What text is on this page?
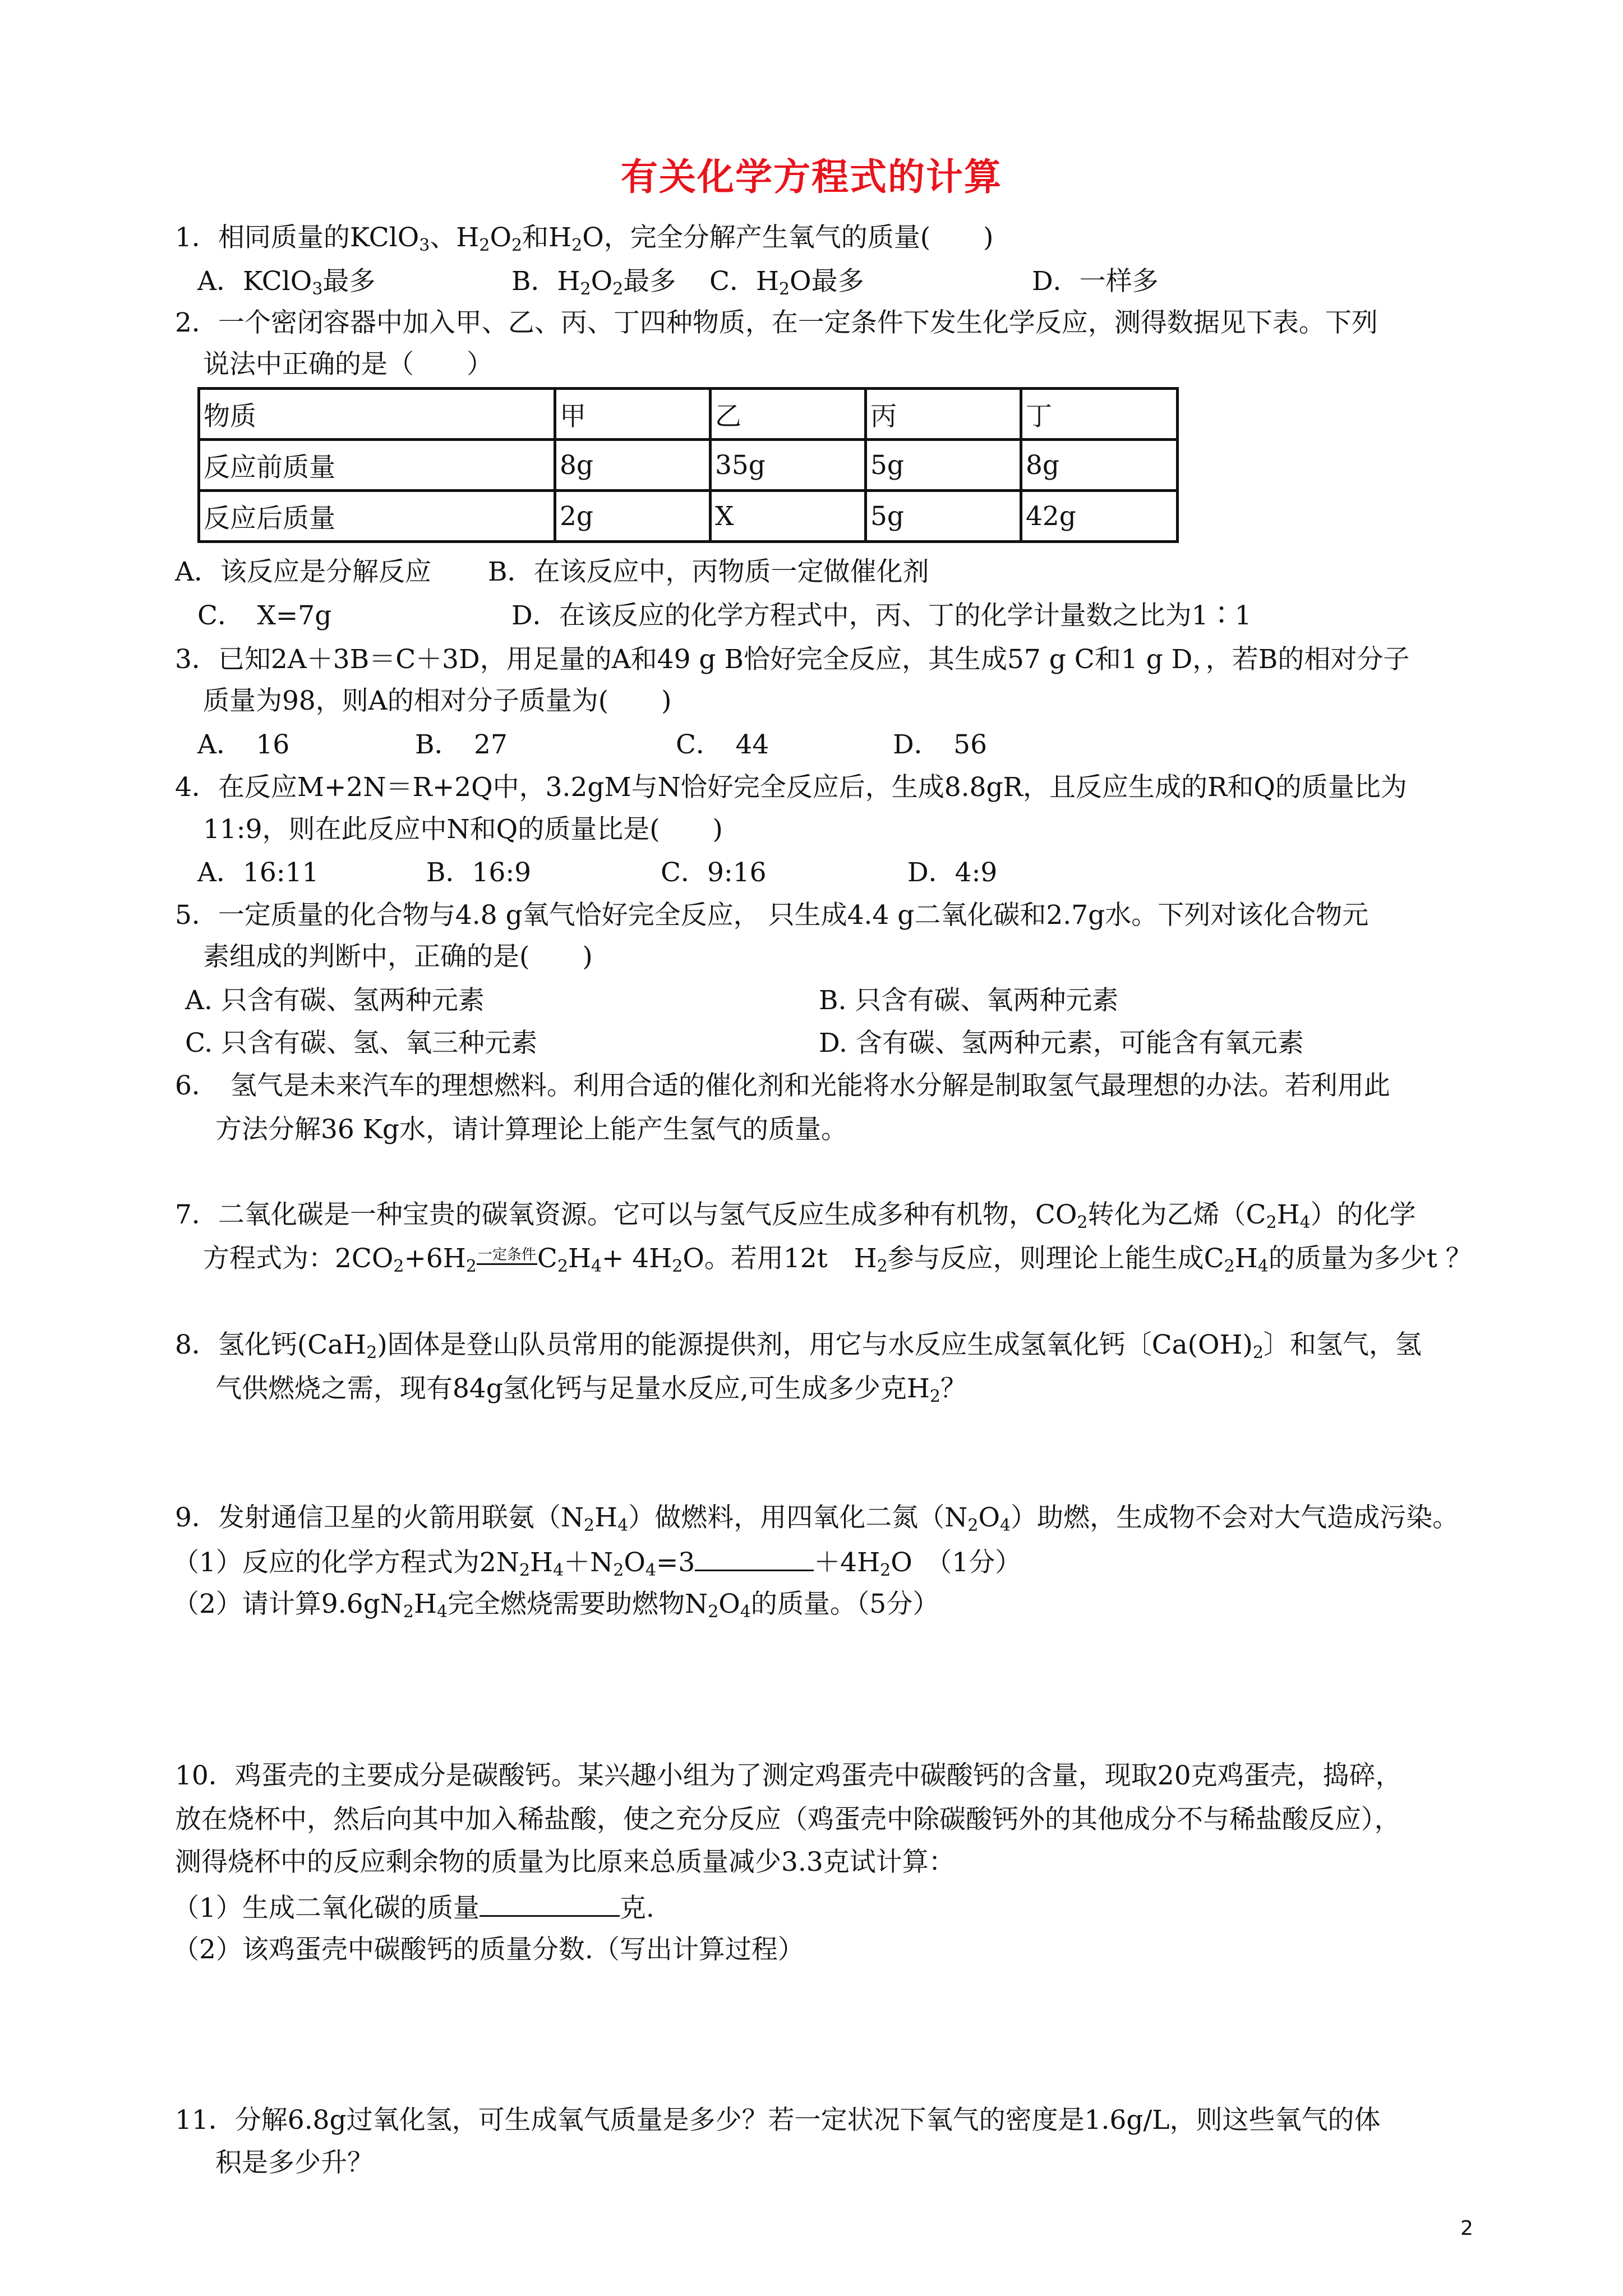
有关化学方程式的计算
1．相同质量的KClO$_3$、$H_2O_2$和$H_2O$，完全分解产生氧气的质量(　　)
A．KClO$_3$最多	B．$H_2O_2$最多 C．$H_2O$最多	D．一样多
2．一个密闭容器中加入甲、乙、丙、丁四种物质，在一定条件下发生化学反应，测得数据见下表。下列
说法中正确的是（　　）
物质	甲	乙	丙	丁
反应前质量	8g	35g	5g	8g
反应后质量	2g	X	5g	42g
A．该反应是分解反应 B．在该反应中，丙物质一定做催化剂
C．　X=7g	D．在该反应的化学方程式中，丙、丁的化学计量数之比为1∶1
3．已知2A＋3B＝C＋3D，用足量的A和49 g B恰好完全反应，其生成57 g C和1 g D，，若B的相对分子
质量为98，则A的相对分子质量为(　　)
A．　16	B．　27	C．　44	D．　56
4．在反应M+2N＝R+2Q中，3.2gM与N恰好完全反应后，生成8.8gR，且反应生成的R和Q的质量比为
11:9，则在此反应中N和Q的质量比是(　　)
A．16:11	B．16:9	C．9:16	D．4:9
5．一定质量的化合物与4.8 g氧气恰好完全反应， 只生成4.4 g二氧化碳和2.7g水。下列对该化合物元
素组成的判断中，正确的是(　　)
A. 只含有碳、氢两种元素	B. 只含有碳、氧两种元素
C. 只含有碳、氢、氧三种元素	D. 含有碳、氢两种元素，可能含有氧元素
6． 氢气是未来汽车的理想燃料。利用合适的催化剂和光能将水分解是制取氢气最理想的办法。若利用此
方法分解36 Kg水，请计算理论上能产生氢气的质量。
7．二氧化碳是一种宝贵的碳氧资源。它可以与氢气反应生成多种有机物，$CO_2$转化为乙烯$(C_2H_4)$的化学
方程式为：$2CO_2+6H_2$一定条件$C_2H_4+ 4H_2O$。若用12t　$H_2$参与反应，则理论上能生成$C_2H_4$的质量为多少t ？
8．氢化钙(CaH$_2$)固体是登山队员常用的能源提供剂，用它与水反应生成氢氧化钙〔$Ca(OH)_2$〕和氢气，氢
气供燃烧之需，现有84g氢化钙与足量水反应,可生成多少克$H_2$？
9．发射通信卫星的火箭用联氨$(N_2H_4)$做燃料，用四氧化二氮$(N_2O_4)$助燃，生成物不会对大气造成污染。
（1）反应的化学方程式为$2N_2H_4+N_2O_4=3$	$+4H_2O$　（1分）
（2）请计算$9.6gN_2H_4$完全燃烧需要助燃物$N_2O_4$的质量。（5分）
10．鸡蛋壳的主要成分是碳酸钙。某兴趣小组为了测定鸡蛋壳中碳酸钙的含量，现取20克鸡蛋壳，捣碎，
放在烧杯中，然后向其中加入稀盐酸，使之充分反应（鸡蛋壳中除碳酸钙外的其他成分不与稀盐酸反应），
测得烧杯中的反应剩余物的质量为比原来总质量减少3.3克试计算：
（1）生成二氧化碳的质量	克.
（2）该鸡蛋壳中碳酸钙的质量分数.（写出计算过程）
11．分解6.8g过氧化氢，可生成氧气质量是多少？若一定状况下氧气的密度是1.6g/L，则这些氧气的体
积是多少升？
2
